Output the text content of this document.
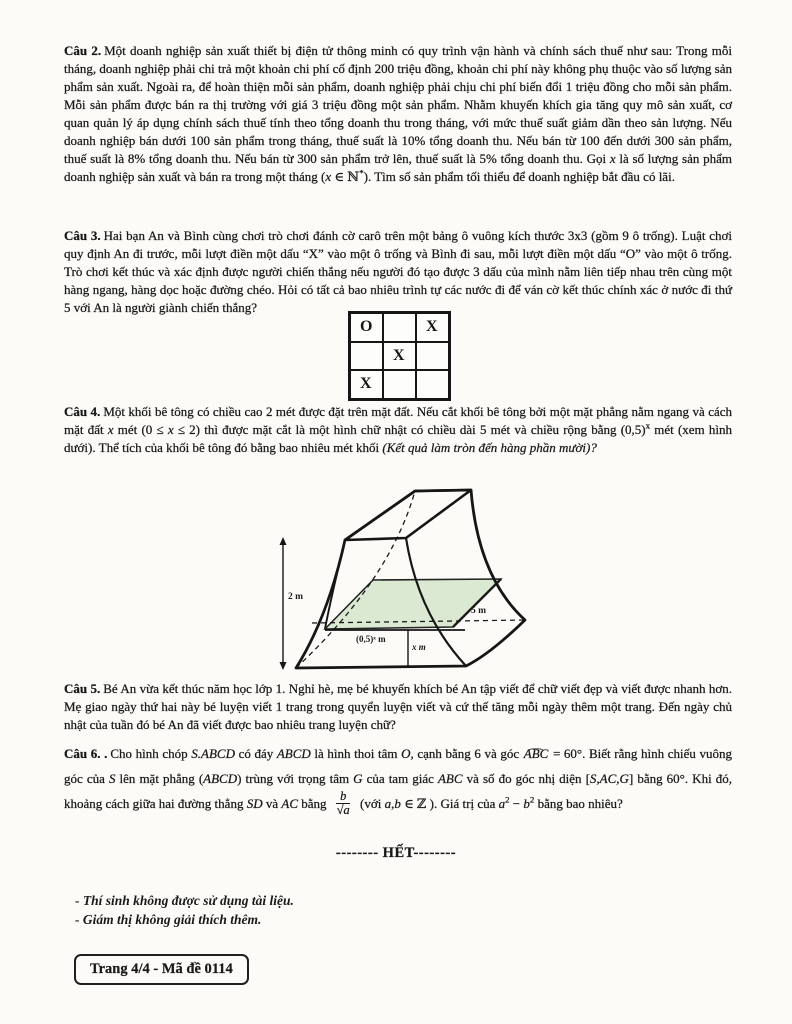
Câu 2. Một doanh nghiệp sản xuất thiết bị điện tử thông minh có quy trình vận hành và chính sách thuế như sau: Trong mỗi tháng, doanh nghiệp phải chi trả một khoản chi phí cố định 200 triệu đồng, khoản chi phí này không phụ thuộc vào số lượng sản phẩm sản xuất. Ngoài ra, để hoàn thiện mỗi sản phẩm, doanh nghiệp phải chịu chi phí biến đổi 1 triệu đồng cho mỗi sản phẩm. Mỗi sản phẩm được bán ra thị trường với giá 3 triệu đồng một sản phẩm. Nhằm khuyến khích gia tăng quy mô sản xuất, cơ quan quản lý áp dụng chính sách thuế tính theo tổng doanh thu trong tháng, với mức thuế suất giảm dần theo sản lượng. Nếu doanh nghiệp bán dưới 100 sản phẩm trong tháng, thuế suất là 10% tổng doanh thu. Nếu bán từ 100 đến dưới 300 sản phẩm, thuế suất là 8% tổng doanh thu. Nếu bán từ 300 sản phẩm trở lên, thuế suất là 5% tổng doanh thu. Gọi x là số lượng sản phẩm doanh nghiệp sản xuất và bán ra trong một tháng (x ∈ ℕ*). Tìm số sản phẩm tối thiểu để doanh nghiệp bắt đầu có lãi.

Câu 3. Hai bạn An và Bình cùng chơi trò chơi đánh cờ carô trên một bảng ô vuông kích thước 3x3 (gồm 9 ô trống). Luật chơi quy định An đi trước, mỗi lượt điền một dấu “X” vào một ô trống và Bình đi sau, mỗi lượt điền một dấu “O” vào một ô trống. Trò chơi kết thúc và xác định được người chiến thắng nếu người đó tạo được 3 dấu của mình nằm liên tiếp nhau trên cùng một hàng ngang, hàng dọc hoặc đường chéo. Hỏi có tất cả bao nhiêu trình tự các nước đi để ván cờ kết thúc chính xác ở nước đi thứ 5 với An là người giành chiến thắng?

O	X
X
X

Câu 4. Một khối bê tông có chiều cao 2 mét được đặt trên mặt đất. Nếu cắt khối bê tông bởi một mặt phẳng nằm ngang và cách mặt đất x mét (0 ≤ x ≤ 2) thì được mặt cắt là một hình chữ nhật có chiều dài 5 mét và chiều rộng bằng $(0,5)^x$ mét (xem hình dưới). Thể tích của khối bê tông đó bằng bao nhiêu mét khối (Kết quả làm tròn đến hàng phần mười)?

2 m
(0,5)ˣ m
x m
5 m

Câu 5. Bé An vừa kết thúc năm học lớp 1. Nghỉ hè, mẹ bé khuyến khích bé An tập viết để chữ viết đẹp và viết được nhanh hơn. Mẹ giao ngày thứ hai này bé luyện viết 1 trang trong quyển luyện viết và cứ thế tăng mỗi ngày thêm một trang. Đến ngày chủ nhật của tuần đó bé An đã viết được bao nhiêu trang luyện chữ?

Câu 6. . Cho hình chóp S.ABCD có đáy ABCD là hình thoi tâm O, cạnh bằng 6 và góc ABC ⌢ = 60°. Biết rằng hình chiếu vuông góc của S lên mặt phẳng (ABCD) trùng với trọng tâm G của tam giác ABC và số đo góc nhị diện [S,AC,G] bằng 60°. Khi đó, khoảng cách giữa hai đường thẳng SD và AC bằng $\frac{b}{√a}$ (với a,b ∈ ℤ ). Giá trị của $a^2 - b^2$ bằng bao nhiêu?

-------- HẾT--------
- Thí sinh không được sử dụng tài liệu.
- Giám thị không giải thích thêm.
Trang 4/4 - Mã đề 0114
